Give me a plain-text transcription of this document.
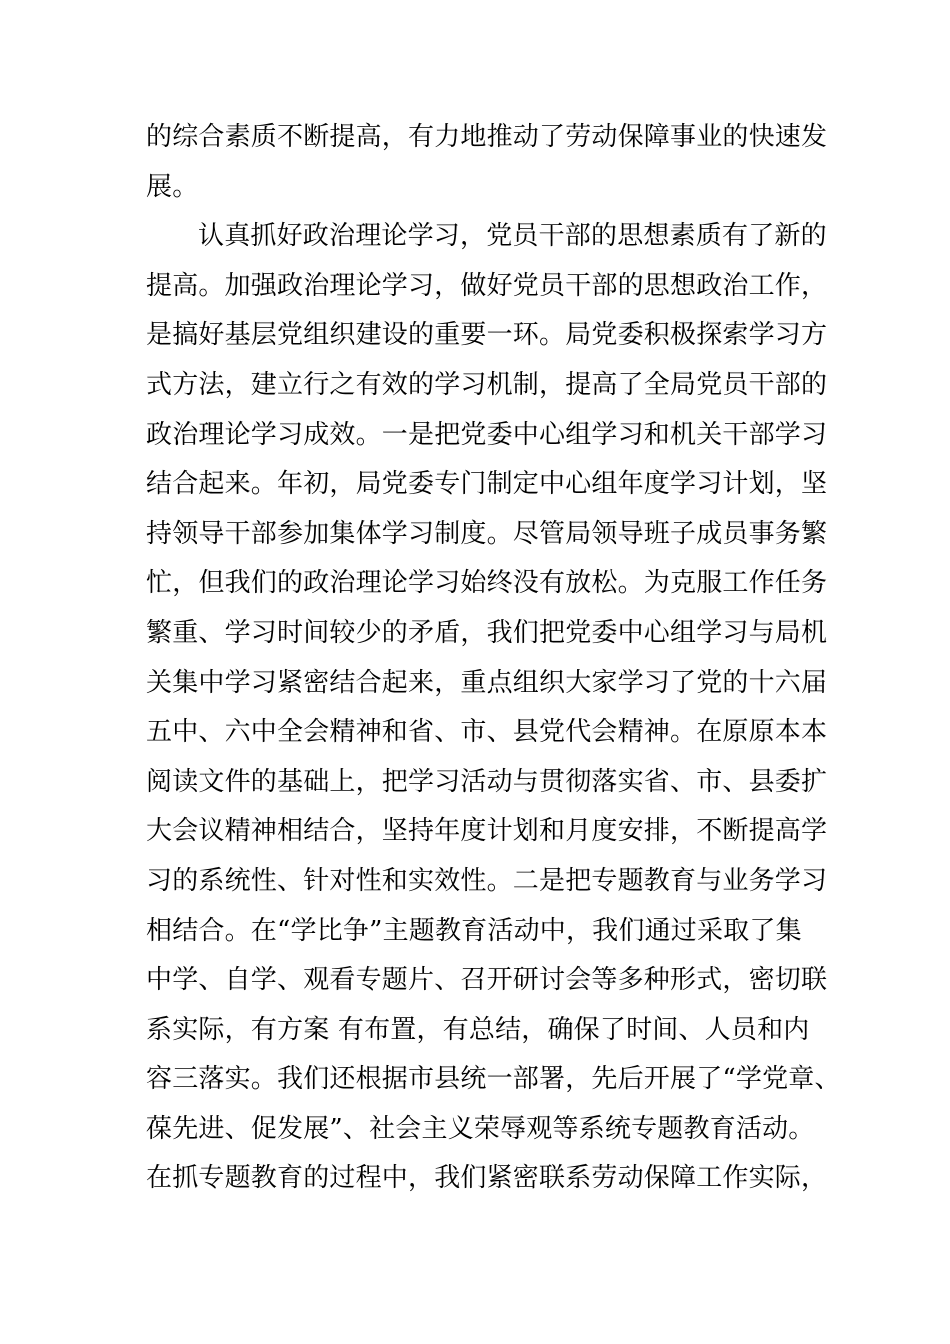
的综合素质不断提高，有力地推动了劳动保障事业的快速发
展。
认真抓好政治理论学习，党员干部的思想素质有了新的
提高。加强政治理论学习，做好党员干部的思想政治工作，
是搞好基层党组织建设的重要一环。局党委积极探索学习方
式方法，建立行之有效的学习机制，提高了全局党员干部的
政治理论学习成效。一是把党委中心组学习和机关干部学习
结合起来。年初，局党委专门制定中心组年度学习计划，坚
持领导干部参加集体学习制度。尽管局领导班子成员事务繁
忙，但我们的政治理论学习始终没有放松。为克服工作任务
繁重、学习时间较少的矛盾，我们把党委中心组学习与局机
关集中学习紧密结合起来，重点组织大家学习了党的十六届
五中、六中全会精神和省、市、县党代会精神。在原原本本
阅读文件的基础上，把学习活动与贯彻落实省、市、县委扩
大会议精神相结合，坚持年度计划和月度安排，不断提高学
习的系统性、针对性和实效性。二是把专题教育与业务学习
相结合。在“学比争”主题教育活动中，我们通过采取了集
中学、自学、观看专题片、召开研讨会等多种形式，密切联
系实际，有方案 有布置，有总结，确保了时间、人员和内
容三落实。我们还根据市县统一部署，先后开展了“学党章、
葆先进、促发展”、社会主义荣辱观等系统专题教育活动。
在抓专题教育的过程中，我们紧密联系劳动保障工作实际，
